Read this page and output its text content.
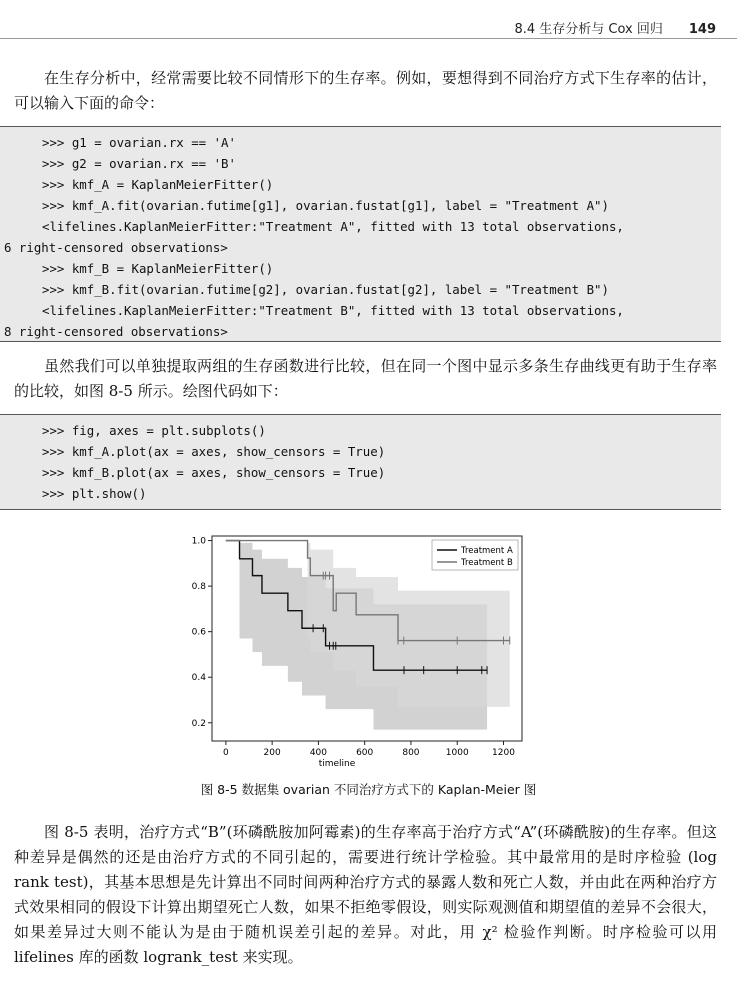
8.4 生存分析与 Cox 回归 149

在生存分析中，经常需要比较不同情形下的生存率。例如，要想得到不同治疗方式下生存率的估计，可以输入下面的命令：

>>> g1 = ovarian.rx == 'A'
>>> g2 = ovarian.rx == 'B'
>>> kmf_A = KaplanMeierFitter()
>>> kmf_A.fit(ovarian.futime[g1], ovarian.fustat[g1], label = "Treatment A")
<lifelines.KaplanMeierFitter:"Treatment A", fitted with 13 total observations,
6 right-censored observations>
>>> kmf_B = KaplanMeierFitter()
>>> kmf_B.fit(ovarian.futime[g2], ovarian.fustat[g2], label = "Treatment B")
<lifelines.KaplanMeierFitter:"Treatment B", fitted with 13 total observations,
8 right-censored observations>

虽然我们可以单独提取两组的生存函数进行比较，但在同一个图中显示多条生存曲线更有助于生存率的比较，如图 8-5 所示。绘图代码如下：

>>> fig, axes = plt.subplots()
>>> kmf_A.plot(ax = axes, show_censors = True)
>>> kmf_B.plot(ax = axes, show_censors = True)
>>> plt.show()
0	200	400	600	800	1000	1200
0.2
0.4
0.6
0.8
1.0
timeline
Treatment A
Treatment B
图 8-5 数据集 ovarian 不同治疗方式下的 Kaplan-Meier 图

图 8-5 表明，治疗方式“B”(环磷酰胺加阿霉素)的生存率高于治疗方式“A”(环磷酰胺)的生存率。但这种差异是偶然的还是由治疗方式的不同引起的，需要进行统计学检验。其中最常用的是时序检验 (log rank test)，其基本思想是先计算出不同时间两种治疗方式的暴露人数和死亡人数，并由此在两种治疗方式效果相同的假设下计算出期望死亡人数，如果不拒绝零假设，则实际观测值和期望值的差异不会很大，如果差异过大则不能认为是由于随机误差引起的差异。对此，用 χ² 检验作判断。时序检验可以用 lifelines 库的函数 logrank_test 来实现。
